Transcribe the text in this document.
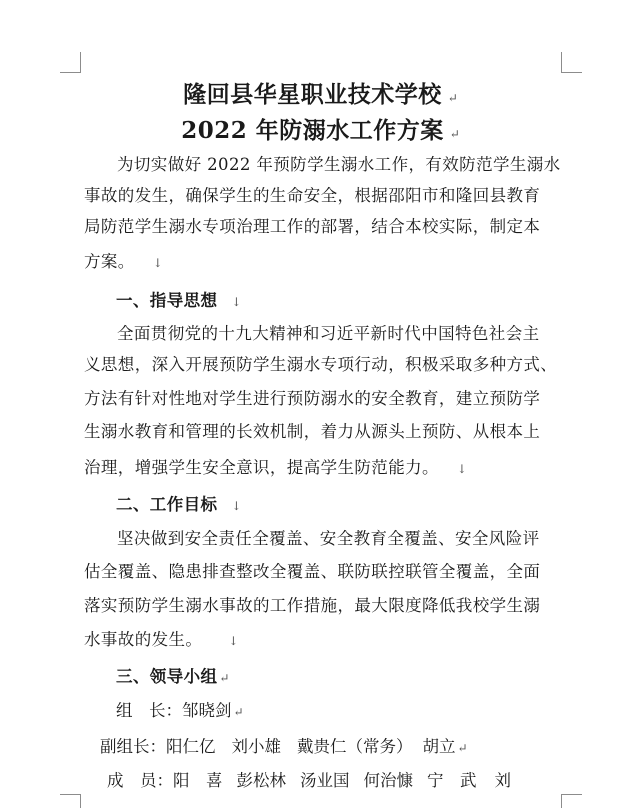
隆回县华星职业技术学校 ↵
2022 年防溺水工作方案 ↵
为切实做好 2022 年预防学生溺水工作，有效防范学生溺水
事故的发生，确保学生的生命安全，根据邵阳市和隆回县教育
局防范学生溺水专项治理工作的部署，结合本校实际，制定本
方案。 ↓
一、指导思想 ↓
全面贯彻党的十九大精神和习近平新时代中国特色社会主
义思想，深入开展预防学生溺水专项行动，积极采取多种方式、
方法有针对性地对学生进行预防溺水的安全教育，建立预防学
生溺水教育和管理的长效机制，着力从源头上预防、从根本上
治理，增强学生安全意识，提高学生防范能力。 ↓
二、工作目标 ↓
坚决做到安全责任全覆盖、安全教育全覆盖、安全风险评
估全覆盖、隐患排查整改全覆盖、联防联控联管全覆盖，全面
落实预防学生溺水事故的工作措施，最大限度降低我校学生溺
水事故的发生。 ↓
三、领导小组 ↵
组　长：邹晓剑 ↵
副组长：阳仁亿 刘小雄 戴贵仁（常务） 胡立 ↵
成　员：阳　喜 彭松林 汤业国 何治慷 宁　武 刘
